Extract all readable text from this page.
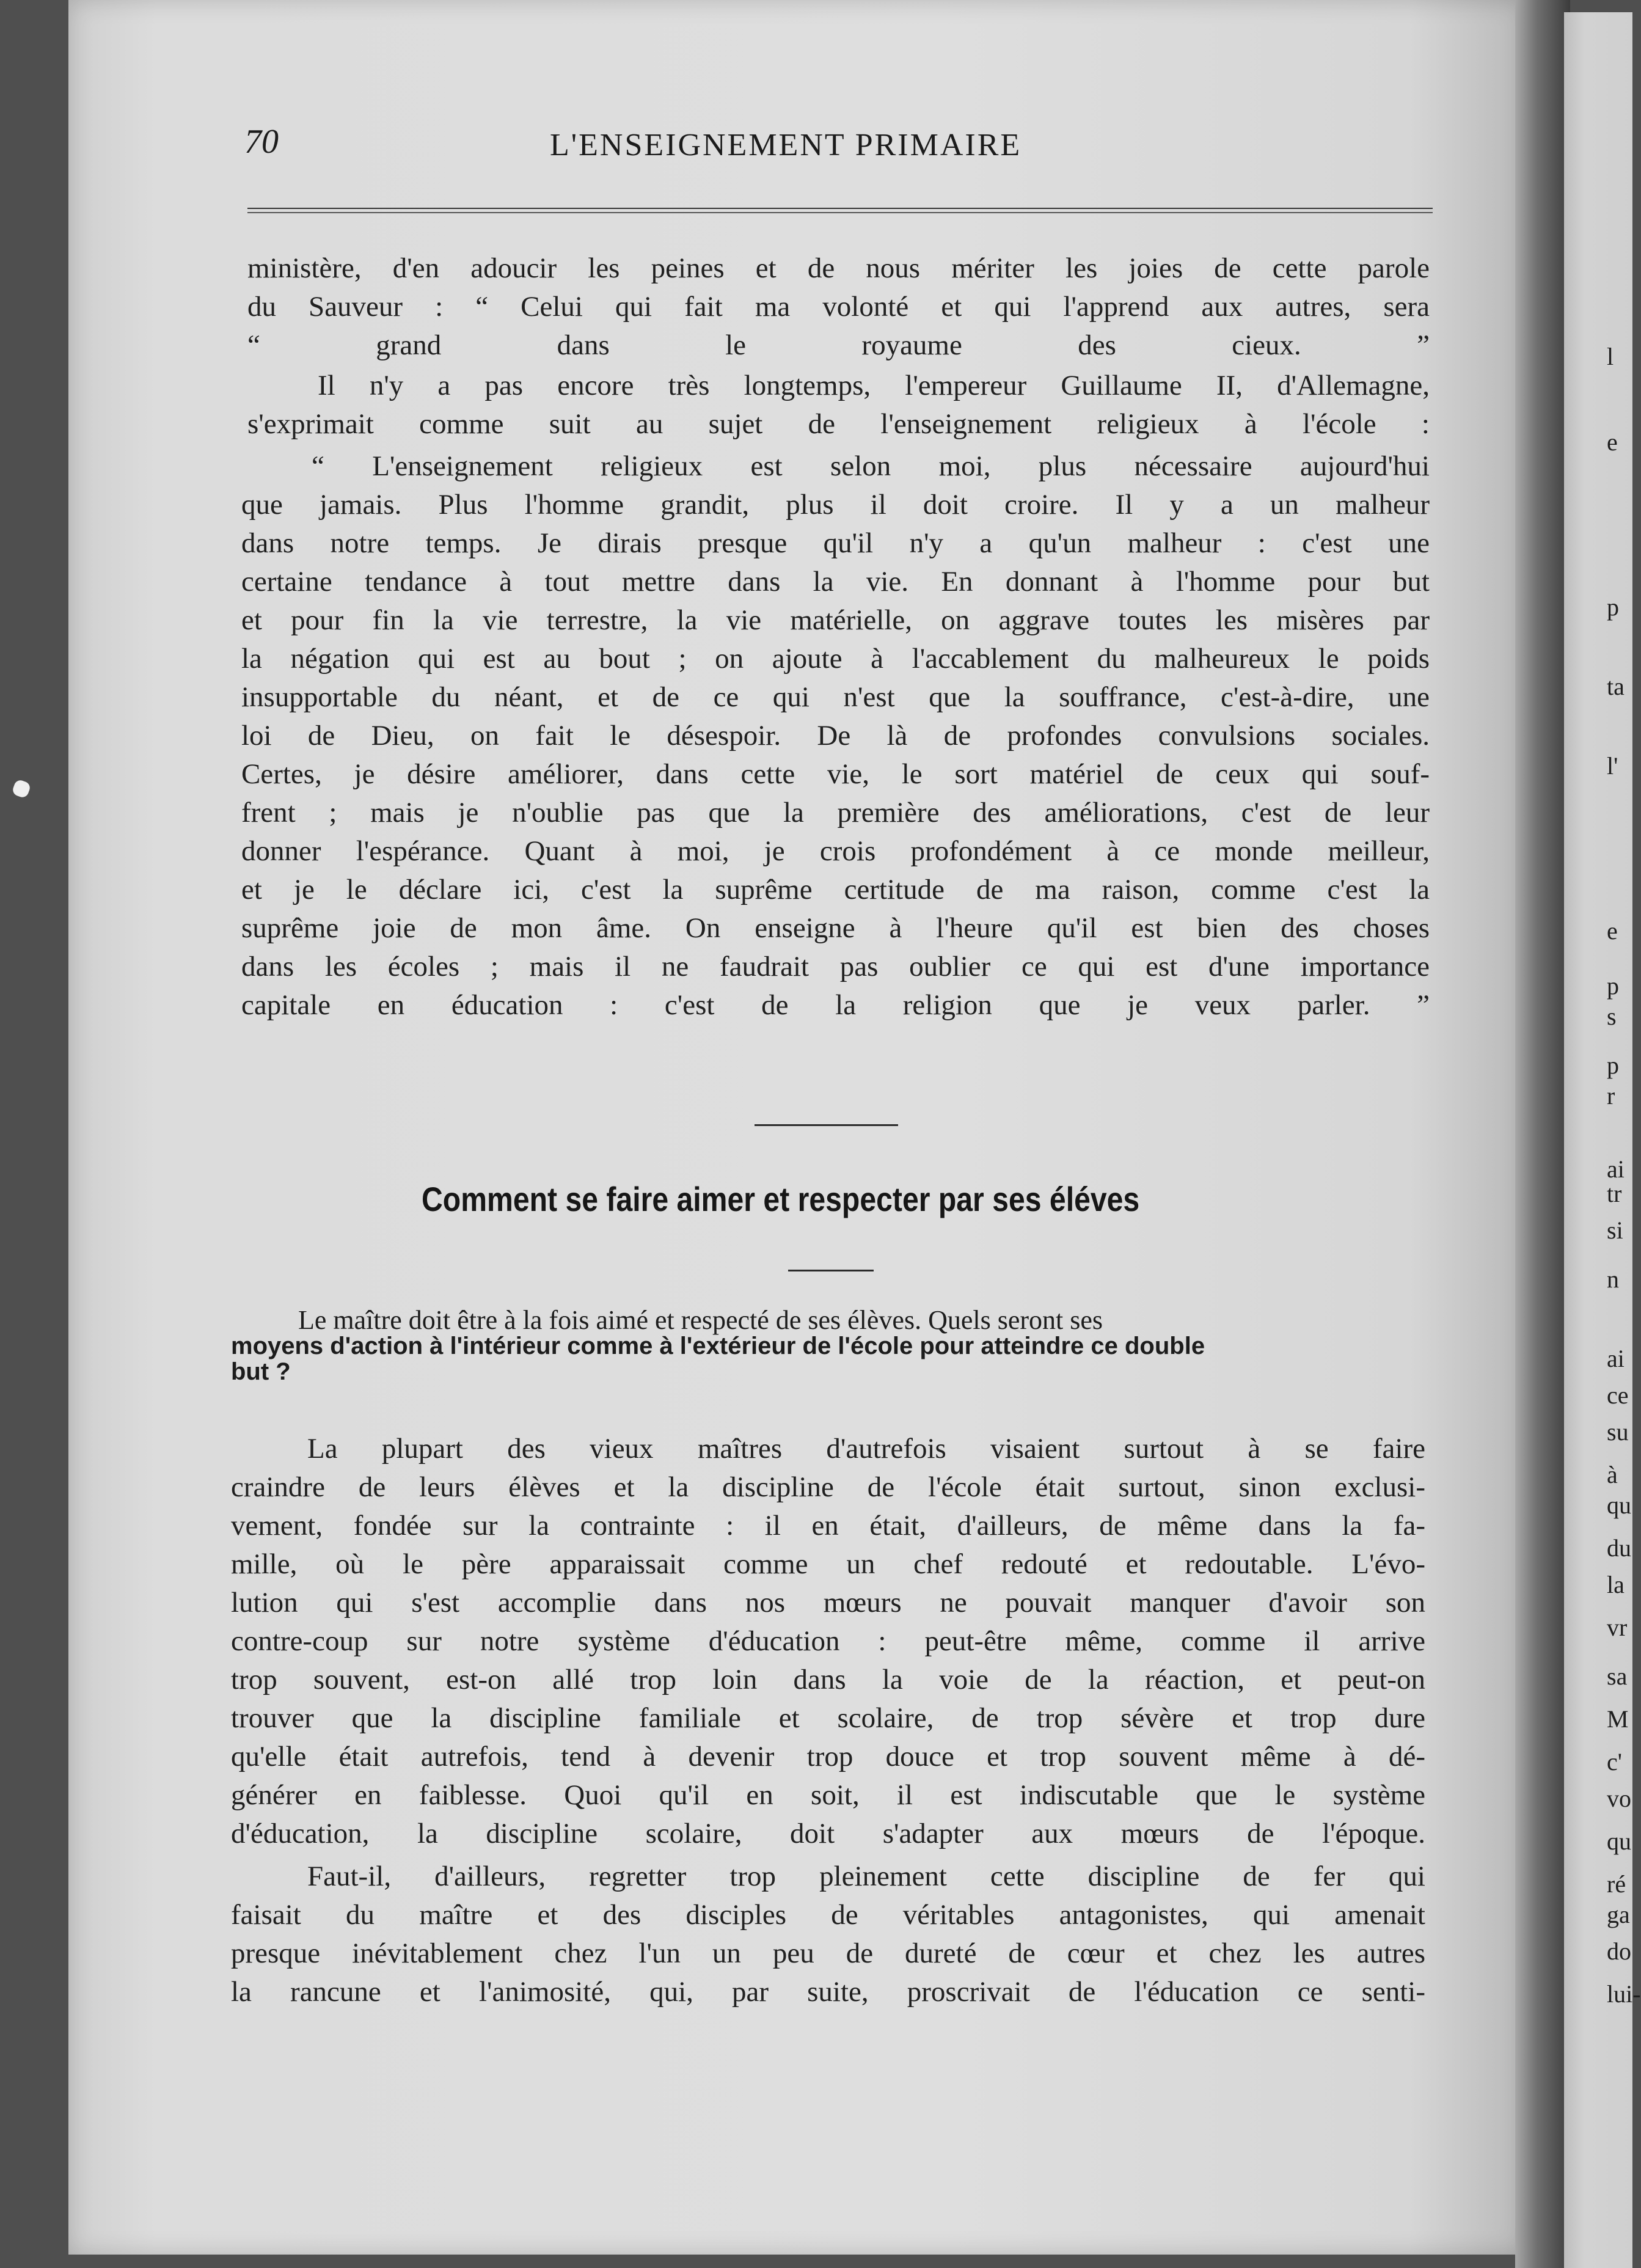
l

e

p

ta

l'

e

p

s

p

r

ai

tr

si

n

ai

ce

su

à

qu

du

la

vr

sa

M

c'

vo

qu

ré

ga

do

lui-

70	L'ENSEIGNEMENT PRIMAIRE

ministère, d'en adoucir les peines et de nous mériter les joies de cette parole
du Sauveur : “ Celui qui fait ma volonté et qui l'apprend aux autres, sera
“ grand dans le royaume des cieux. ”
Il n'y a pas encore très longtemps, l'empereur Guillaume II, d'Allemagne,
s'exprimait comme suit au sujet de l'enseignement religieux à l'école :
“ L'enseignement religieux est selon moi, plus nécessaire aujourd'hui
que jamais. Plus l'homme grandit, plus il doit croire. Il y a un malheur
dans notre temps. Je dirais presque qu'il n'y a qu'un malheur : c'est une
certaine tendance à tout mettre dans la vie. En donnant à l'homme pour but
et pour fin la vie terrestre, la vie matérielle, on aggrave toutes les misères par
la négation qui est au bout ; on ajoute à l'accablement du malheureux le poids
insupportable du néant, et de ce qui n'est que la souffrance, c'est-à-dire, une
loi de Dieu, on fait le désespoir. De là de profondes convulsions sociales.
Certes, je désire améliorer, dans cette vie, le sort matériel de ceux qui souf-
frent ; mais je n'oublie pas que la première des améliorations, c'est de leur
donner l'espérance. Quant à moi, je crois profondément à ce monde meilleur,
et je le déclare ici, c'est la suprême certitude de ma raison, comme c'est la
suprême joie de mon âme. On enseigne à l'heure qu'il est bien des choses
dans les écoles ; mais il ne faudrait pas oublier ce qui est d'une importance
capitale en éducation : c'est de la religion que je veux parler. ”
Comment se faire aimer et respecter par ses éléves
Le maître doit être à la fois aimé et respecté de ses élèves. Quels seront ses
moyens d'action à l'intérieur comme à l'extérieur de l'école pour atteindre ce double
but ?
La plupart des vieux maîtres d'autrefois visaient surtout à se faire
craindre de leurs élèves et la discipline de l'école était surtout, sinon exclusi-
vement, fondée sur la contrainte : il en était, d'ailleurs, de même dans la fa-
mille, où le père apparaissait comme un chef redouté et redoutable. L'évo-
lution qui s'est accomplie dans nos mœurs ne pouvait manquer d'avoir son
contre-coup sur notre système d'éducation : peut-être même, comme il arrive
trop souvent, est-on allé trop loin dans la voie de la réaction, et peut-on
trouver que la discipline familiale et scolaire, de trop sévère et trop dure
qu'elle était autrefois, tend à devenir trop douce et trop souvent même à dé-
générer en faiblesse. Quoi qu'il en soit, il est indiscutable que le système
d'éducation, la discipline scolaire, doit s'adapter aux mœurs de l'époque.
Faut-il, d'ailleurs, regretter trop pleinement cette discipline de fer qui
faisait du maître et des disciples de véritables antagonistes, qui amenait
presque inévitablement chez l'un un peu de dureté de cœur et chez les autres
la rancune et l'animosité, qui, par suite, proscrivait de l'éducation ce senti-
